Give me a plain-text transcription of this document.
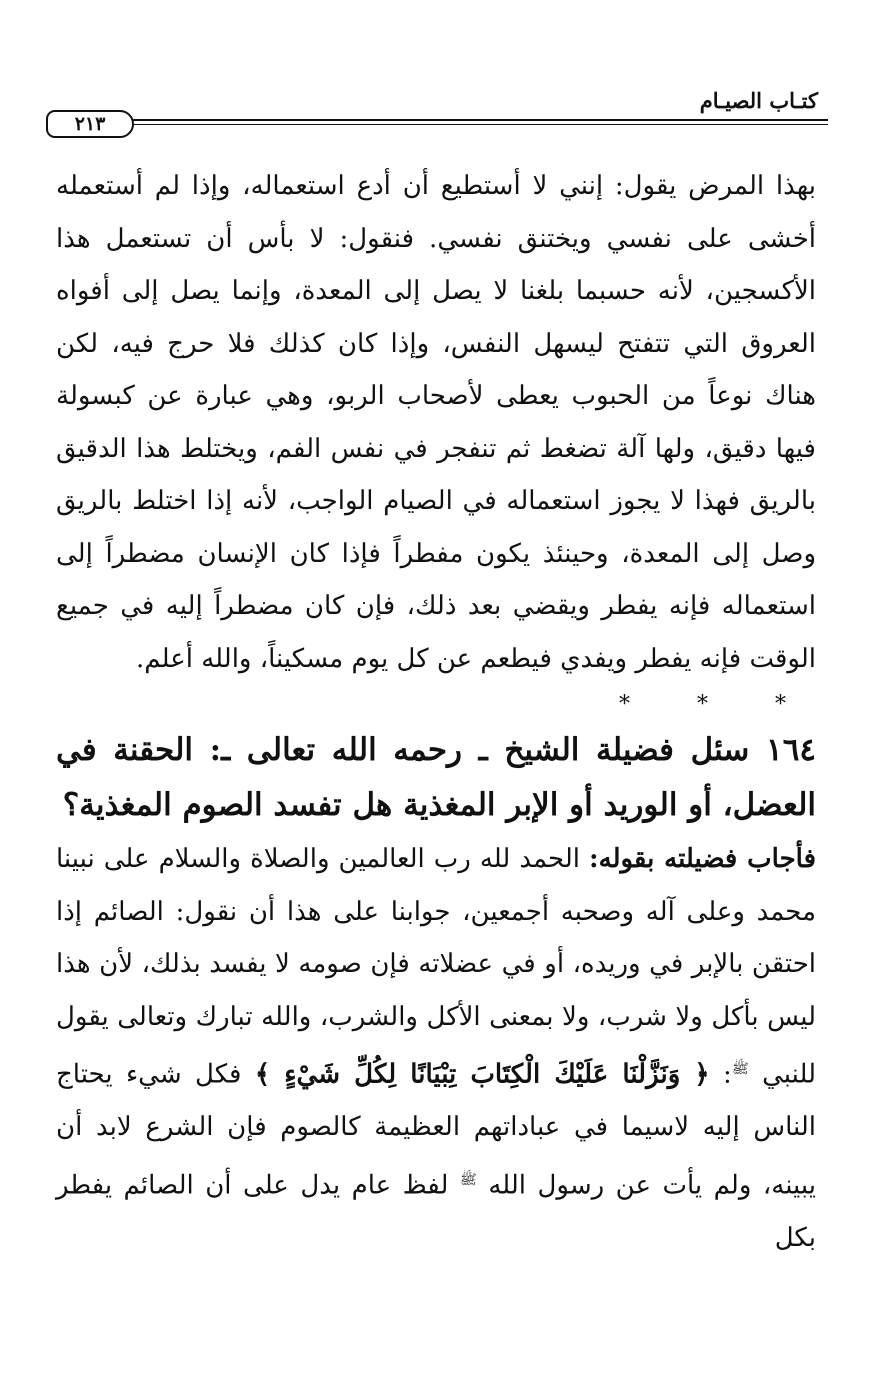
كتـاب الصيـام
٢١٣

بهذا المرض يقول: إنني لا أستطيع أن أدع استعماله، وإذا لم أستعمله أخشى على نفسي ويختنق نفسي. فنقول: لا بأس أن تستعمل هذا الأكسجين، لأنه حسبما بلغنا لا يصل إلى المعدة، وإنما يصل إلى أفواه العروق التي تتفتح ليسهل النفس، وإذا كان كذلك فلا حرج فيه، لكن هناك نوعاً من الحبوب يعطى لأصحاب الربو، وهي عبارة عن كبسولة فيها دقيق، ولها آلة تضغط ثم تنفجر في نفس الفم، ويختلط هذا الدقيق بالريق فهذا لا يجوز استعماله في الصيام الواجب، لأنه إذا اختلط بالريق وصل إلى المعدة، وحينئذ يكون مفطراً فإذا كان الإنسان مضطراً إلى استعماله فإنه يفطر ويقضي بعد ذلك، فإن كان مضطراً إليه في جميع الوقت فإنه يفطر ويفدي فيطعم عن كل يوم مسكيناً، والله أعلم.

* * *

١٦٤ سئل فضيلة الشيخ ـ رحمه الله تعالى ـ: الحقنة في العضل، أو الوريد أو الإبر المغذية هل تفسد الصوم المغذية؟

فأجاب فضيلته بقوله: الحمد لله رب العالمين والصلاة والسلام على نبينا محمد وعلى آله وصحبه أجمعين، جوابنا على هذا أن نقول: الصائم إذا احتقن بالإبر في وريده، أو في عضلاته فإن صومه لا يفسد بذلك، لأن هذا ليس بأكل ولا شرب، ولا بمعنى الأكل والشرب، والله تبارك وتعالى يقول للنبي $^ﷺ$: ﴿ وَنَزَّلْنَا عَلَيْكَ الْكِتَابَ تِبْيَانًا لِكُلِّ شَيْءٍ ﴾ فكل شيء يحتاج الناس إليه لاسيما في عباداتهم العظيمة كالصوم فإن الشرع لابد أن يبينه، ولم يأت عن رسول الله $^ﷺ$ لفظ عام يدل على أن الصائم يفطر بكل
